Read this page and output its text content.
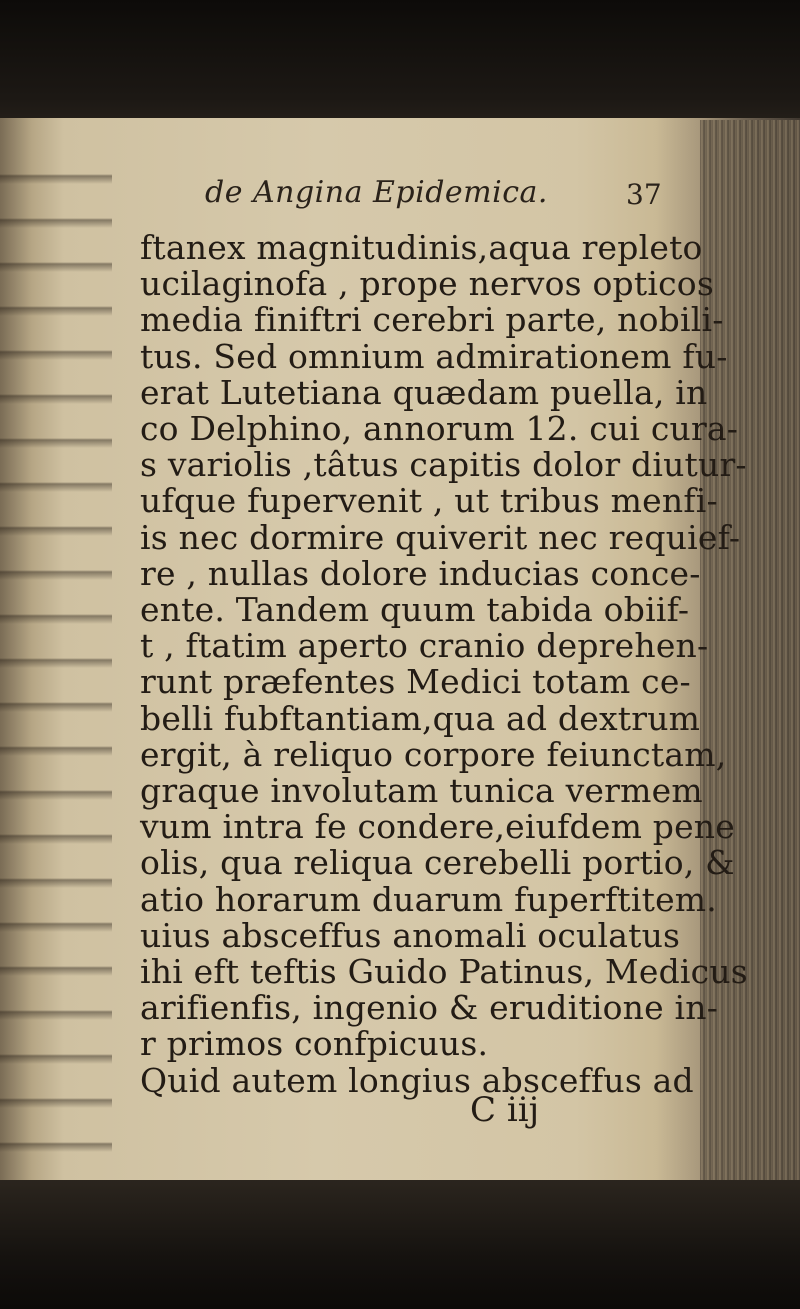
de Angina Epidemica.	37
ftanex magnitudinis,aqua repleto
ucilaginofa , prope nervos opticos
media finiftri cerebri parte, nobili-
tus. Sed omnium admirationem fu-
erat Lutetiana quædam puella, in
co Delphino, annorum 12. cui cura-
s variolis ,tâtus capitis dolor diutur-
ufque fupervenit , ut tribus menfi-
is nec dormire quiverit nec requief-
re , nullas dolore inducias conce-
ente. Tandem quum tabida obiif-
t , ftatim aperto cranio deprehen-
runt præfentes Medici totam ce-
belli fubftantiam,qua ad dextrum
ergit, à reliquo corpore feiunctam,
graque involutam tunica vermem
vum intra fe condere,eiufdem pene
olis, qua reliqua cerebelli portio, &
atio horarum duarum fuperftitem.
uius absceffus anomali oculatus
ihi eft teftis Guido Patinus, Medicus
arifienfis, ingenio & eruditione in-
r primos confpicuus.
Quid autem longius absceffus ad
C iij
